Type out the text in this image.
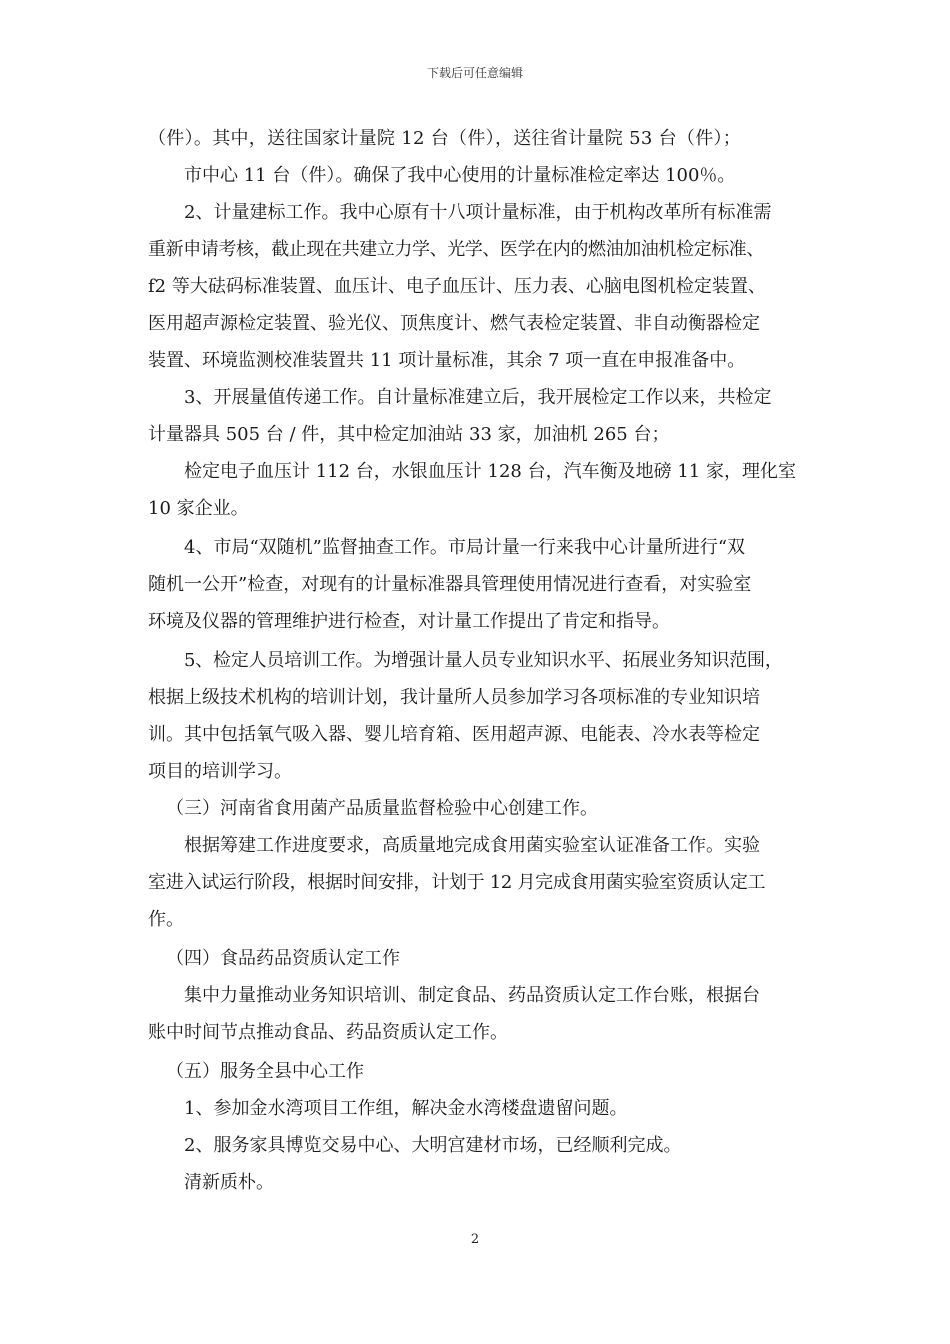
下载后可任意编辑
（件）。其中，送往国家计量院 12 台（件），送往省计量院 53 台（件）；
市中心 11 台（件）。确保了我中心使用的计量标准检定率达 100％。
2、计量建标工作。我中心原有十八项计量标准，由于机构改革所有标准需
重新申请考核，截止现在共建立力学、光学、医学在内的燃油加油机检定标准、
f2 等大砝码标准装置、血压计、电子血压计、压力表、心脑电图机检定装置、
医用超声源检定装置、验光仪、顶焦度计、燃气表检定装置、非自动衡器检定
装置、环境监测校准装置共 11 项计量标准，其余 7 项一直在申报准备中。
3、开展量值传递工作。自计量标准建立后，我开展检定工作以来，共检定
计量器具 505 台 / 件，其中检定加油站 33 家，加油机 265 台；
检定电子血压计 112 台，水银血压计 128 台，汽车衡及地磅 11 家，理化室
10 家企业。
4、市局“双随机”监督抽查工作。市局计量一行来我中心计量所进行“双
随机一公开”检查，对现有的计量标准器具管理使用情况进行查看，对实验室
环境及仪器的管理维护进行检查，对计量工作提出了肯定和指导。
5、检定人员培训工作。为增强计量人员专业知识水平、拓展业务知识范围，
根据上级技术机构的培训计划，我计量所人员参加学习各项标准的专业知识培
训。其中包括氧气吸入器、婴儿培育箱、医用超声源、电能表、冷水表等检定
项目的培训学习。
（三）河南省食用菌产品质量监督检验中心创建工作。
根据筹建工作进度要求，高质量地完成食用菌实验室认证准备工作。实验
室进入试运行阶段，根据时间安排，计划于 12 月完成食用菌实验室资质认定工
作。
（四）食品药品资质认定工作
集中力量推动业务知识培训、制定食品、药品资质认定工作台账，根据台
账中时间节点推动食品、药品资质认定工作。
（五）服务全县中心工作
1、参加金水湾项目工作组，解决金水湾楼盘遗留问题。
2、服务家具博览交易中心、大明宫建材市场，已经顺利完成。
清新质朴。
2
